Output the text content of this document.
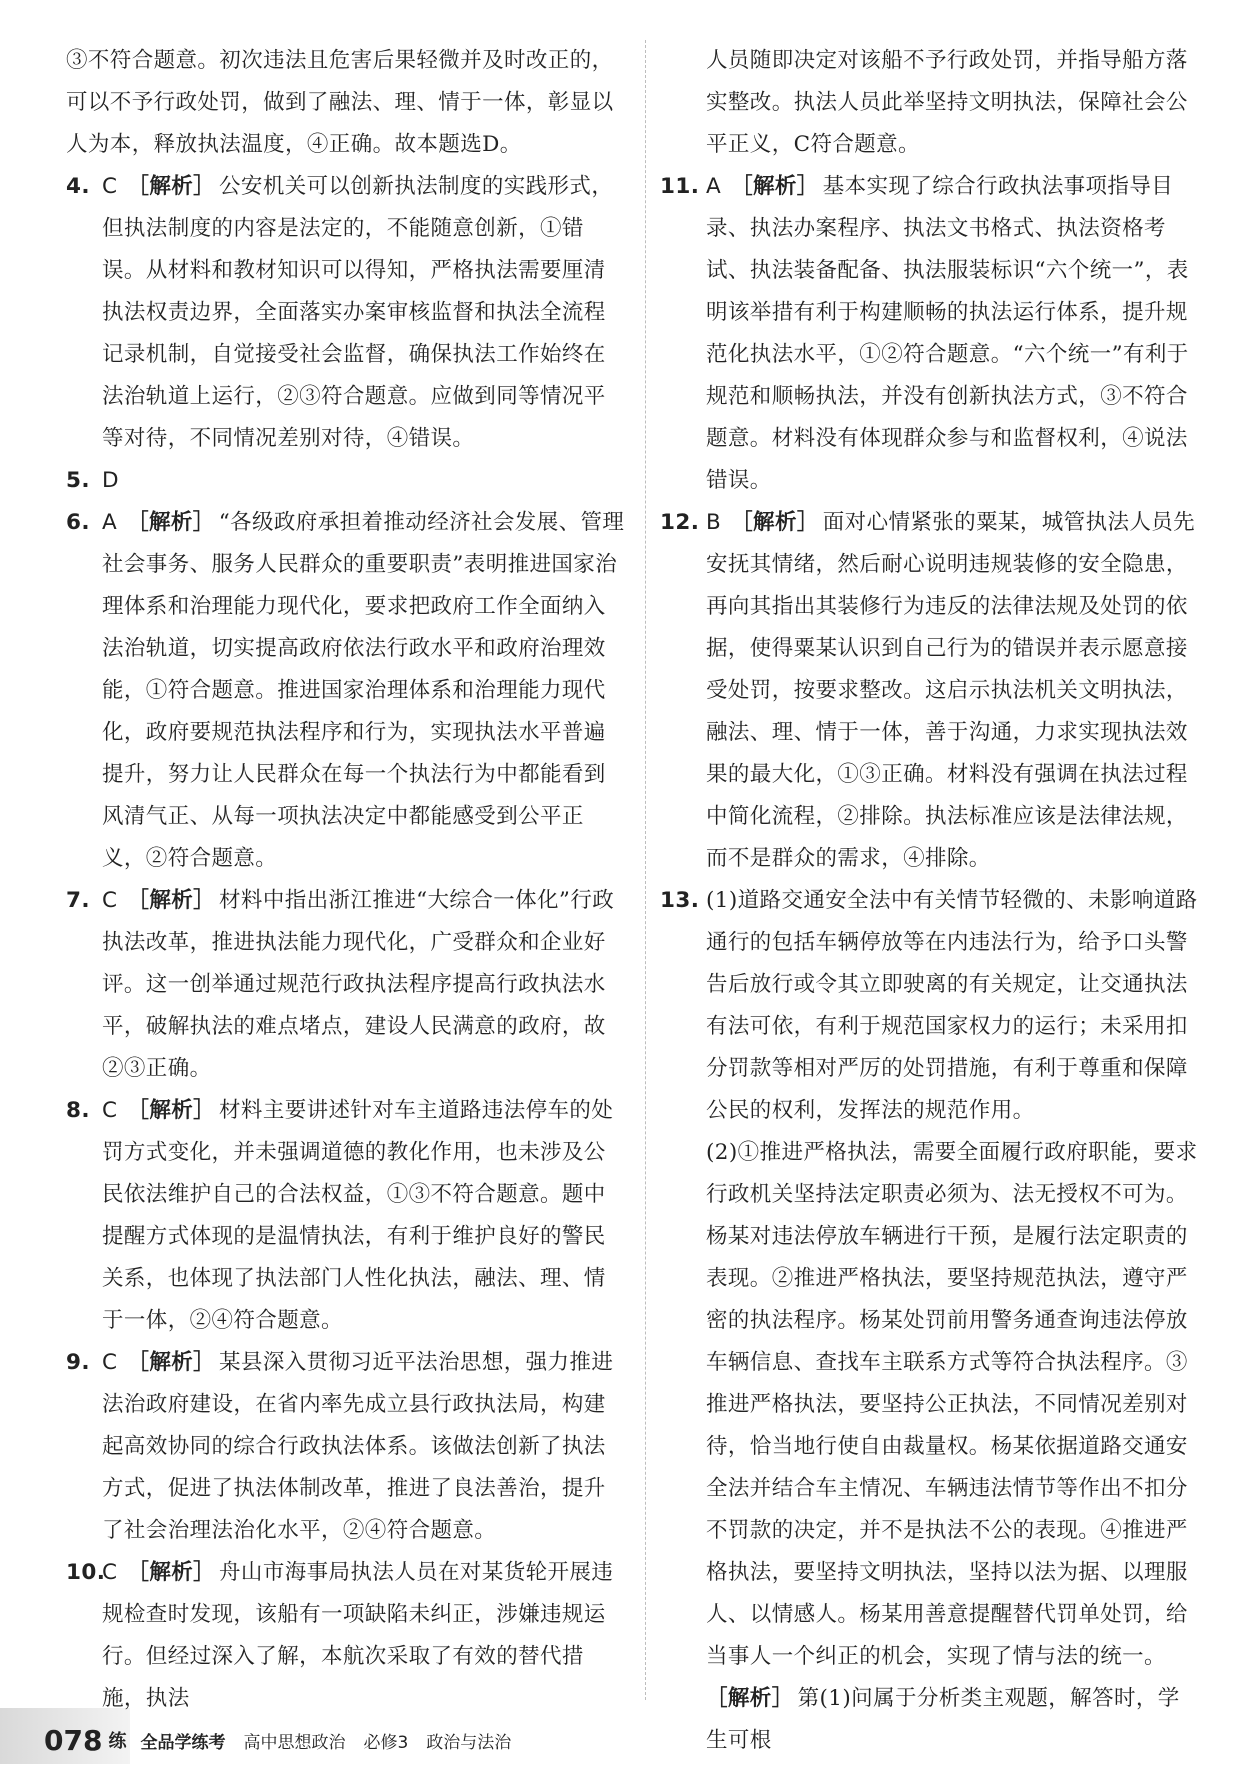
③不符合题意。初次违法且危害后果轻微并及时改正的，可以不予行政处罚，做到了融法、理、情于一体，彰显以人为本，释放执法温度，④正确。故本题选D。
4. C ［解析］ 公安机关可以创新执法制度的实践形式，但执法制度的内容是法定的，不能随意创新，①错误。从材料和教材知识可以得知，严格执法需要厘清执法权责边界，全面落实办案审核监督和执法全流程记录机制，自觉接受社会监督，确保执法工作始终在法治轨道上运行，②③符合题意。应做到同等情况平等对待，不同情况差别对待，④错误。
5. D
6. A ［解析］ “各级政府承担着推动经济社会发展、管理社会事务、服务人民群众的重要职责”表明推进国家治理体系和治理能力现代化，要求把政府工作全面纳入法治轨道，切实提高政府依法行政水平和政府治理效能，①符合题意。推进国家治理体系和治理能力现代化，政府要规范执法程序和行为，实现执法水平普遍提升，努力让人民群众在每一个执法行为中都能看到风清气正、从每一项执法决定中都能感受到公平正义，②符合题意。
7. C ［解析］ 材料中指出浙江推进“大综合一体化”行政执法改革，推进执法能力现代化，广受群众和企业好评。这一创举通过规范行政执法程序提高行政执法水平，破解执法的难点堵点，建设人民满意的政府，故②③正确。
8. C ［解析］ 材料主要讲述针对车主道路违法停车的处罚方式变化，并未强调道德的教化作用，也未涉及公民依法维护自己的合法权益，①③不符合题意。题中提醒方式体现的是温情执法，有利于维护良好的警民关系，也体现了执法部门人性化执法，融法、理、情于一体，②④符合题意。
9. C ［解析］ 某县深入贯彻习近平法治思想，强力推进法治政府建设，在省内率先成立县行政执法局，构建起高效协同的综合行政执法体系。该做法创新了执法方式，促进了执法体制改革，推进了良法善治，提升了社会治理法治化水平，②④符合题意。
10.
C ［解析］ 舟山市海事局执法人员在对某货轮开展违规检查时发现，该船有一项缺陷未纠正，涉嫌违规运行。但经过深入了解，本航次采取了有效的替代措施，执法
人员随即决定对该船不予行政处罚，并指导船方落实整改。执法人员此举坚持文明执法，保障社会公平正义，C符合题意。
11. A ［解析］ 基本实现了综合行政执法事项指导目录、执法办案程序、执法文书格式、执法资格考试、执法装备配备、执法服装标识“六个统一”，表明该举措有利于构建顺畅的执法运行体系，提升规范化执法水平，①②符合题意。“六个统一”有利于规范和顺畅执法，并没有创新执法方式，③不符合题意。材料没有体现群众参与和监督权利，④说法错误。
12. B ［解析］ 面对心情紧张的粟某，城管执法人员先安抚其情绪，然后耐心说明违规装修的安全隐患，再向其指出其装修行为违反的法律法规及处罚的依据，使得粟某认识到自己行为的错误并表示愿意接受处罚，按要求整改。这启示执法机关文明执法，融法、理、情于一体，善于沟通，力求实现执法效果的最大化，①③正确。材料没有强调在执法过程中简化流程，②排除。执法标准应该是法律法规，而不是群众的需求，④排除。
13. (1)道路交通安全法中有关情节轻微的、未影响道路通行的包括车辆停放等在内违法行为，给予口头警告后放行或令其立即驶离的有关规定，让交通执法有法可依，有利于规范国家权力的运行；未采用扣分罚款等相对严厉的处罚措施，有利于尊重和保障公民的权利，发挥法的规范作用。
(2)①推进严格执法，需要全面履行政府职能，要求行政机关坚持法定职责必须为、法无授权不可为。杨某对违法停放车辆进行干预，是履行法定职责的表现。②推进严格执法，要坚持规范执法，遵守严密的执法程序。杨某处罚前用警务通查询违法停放车辆信息、查找车主联系方式等符合执法程序。③推进严格执法，要坚持公正执法，不同情况差别对待，恰当地行使自由裁量权。杨某依据道路交通安全法并结合车主情况、车辆违法情节等作出不扣分不罚款的决定，并不是执法不公的表现。④推进严格执法，要坚持文明执法，坚持以法为据、以理服人、以情感人。杨某用善意提醒替代罚单处罚，给当事人一个纠正的机会，实现了情与法的统一。
［解析］ 第(1)问属于分析类主观题，解答时，学生可根
078 练 全品学练考 高中思想政治 必修3 政治与法治
